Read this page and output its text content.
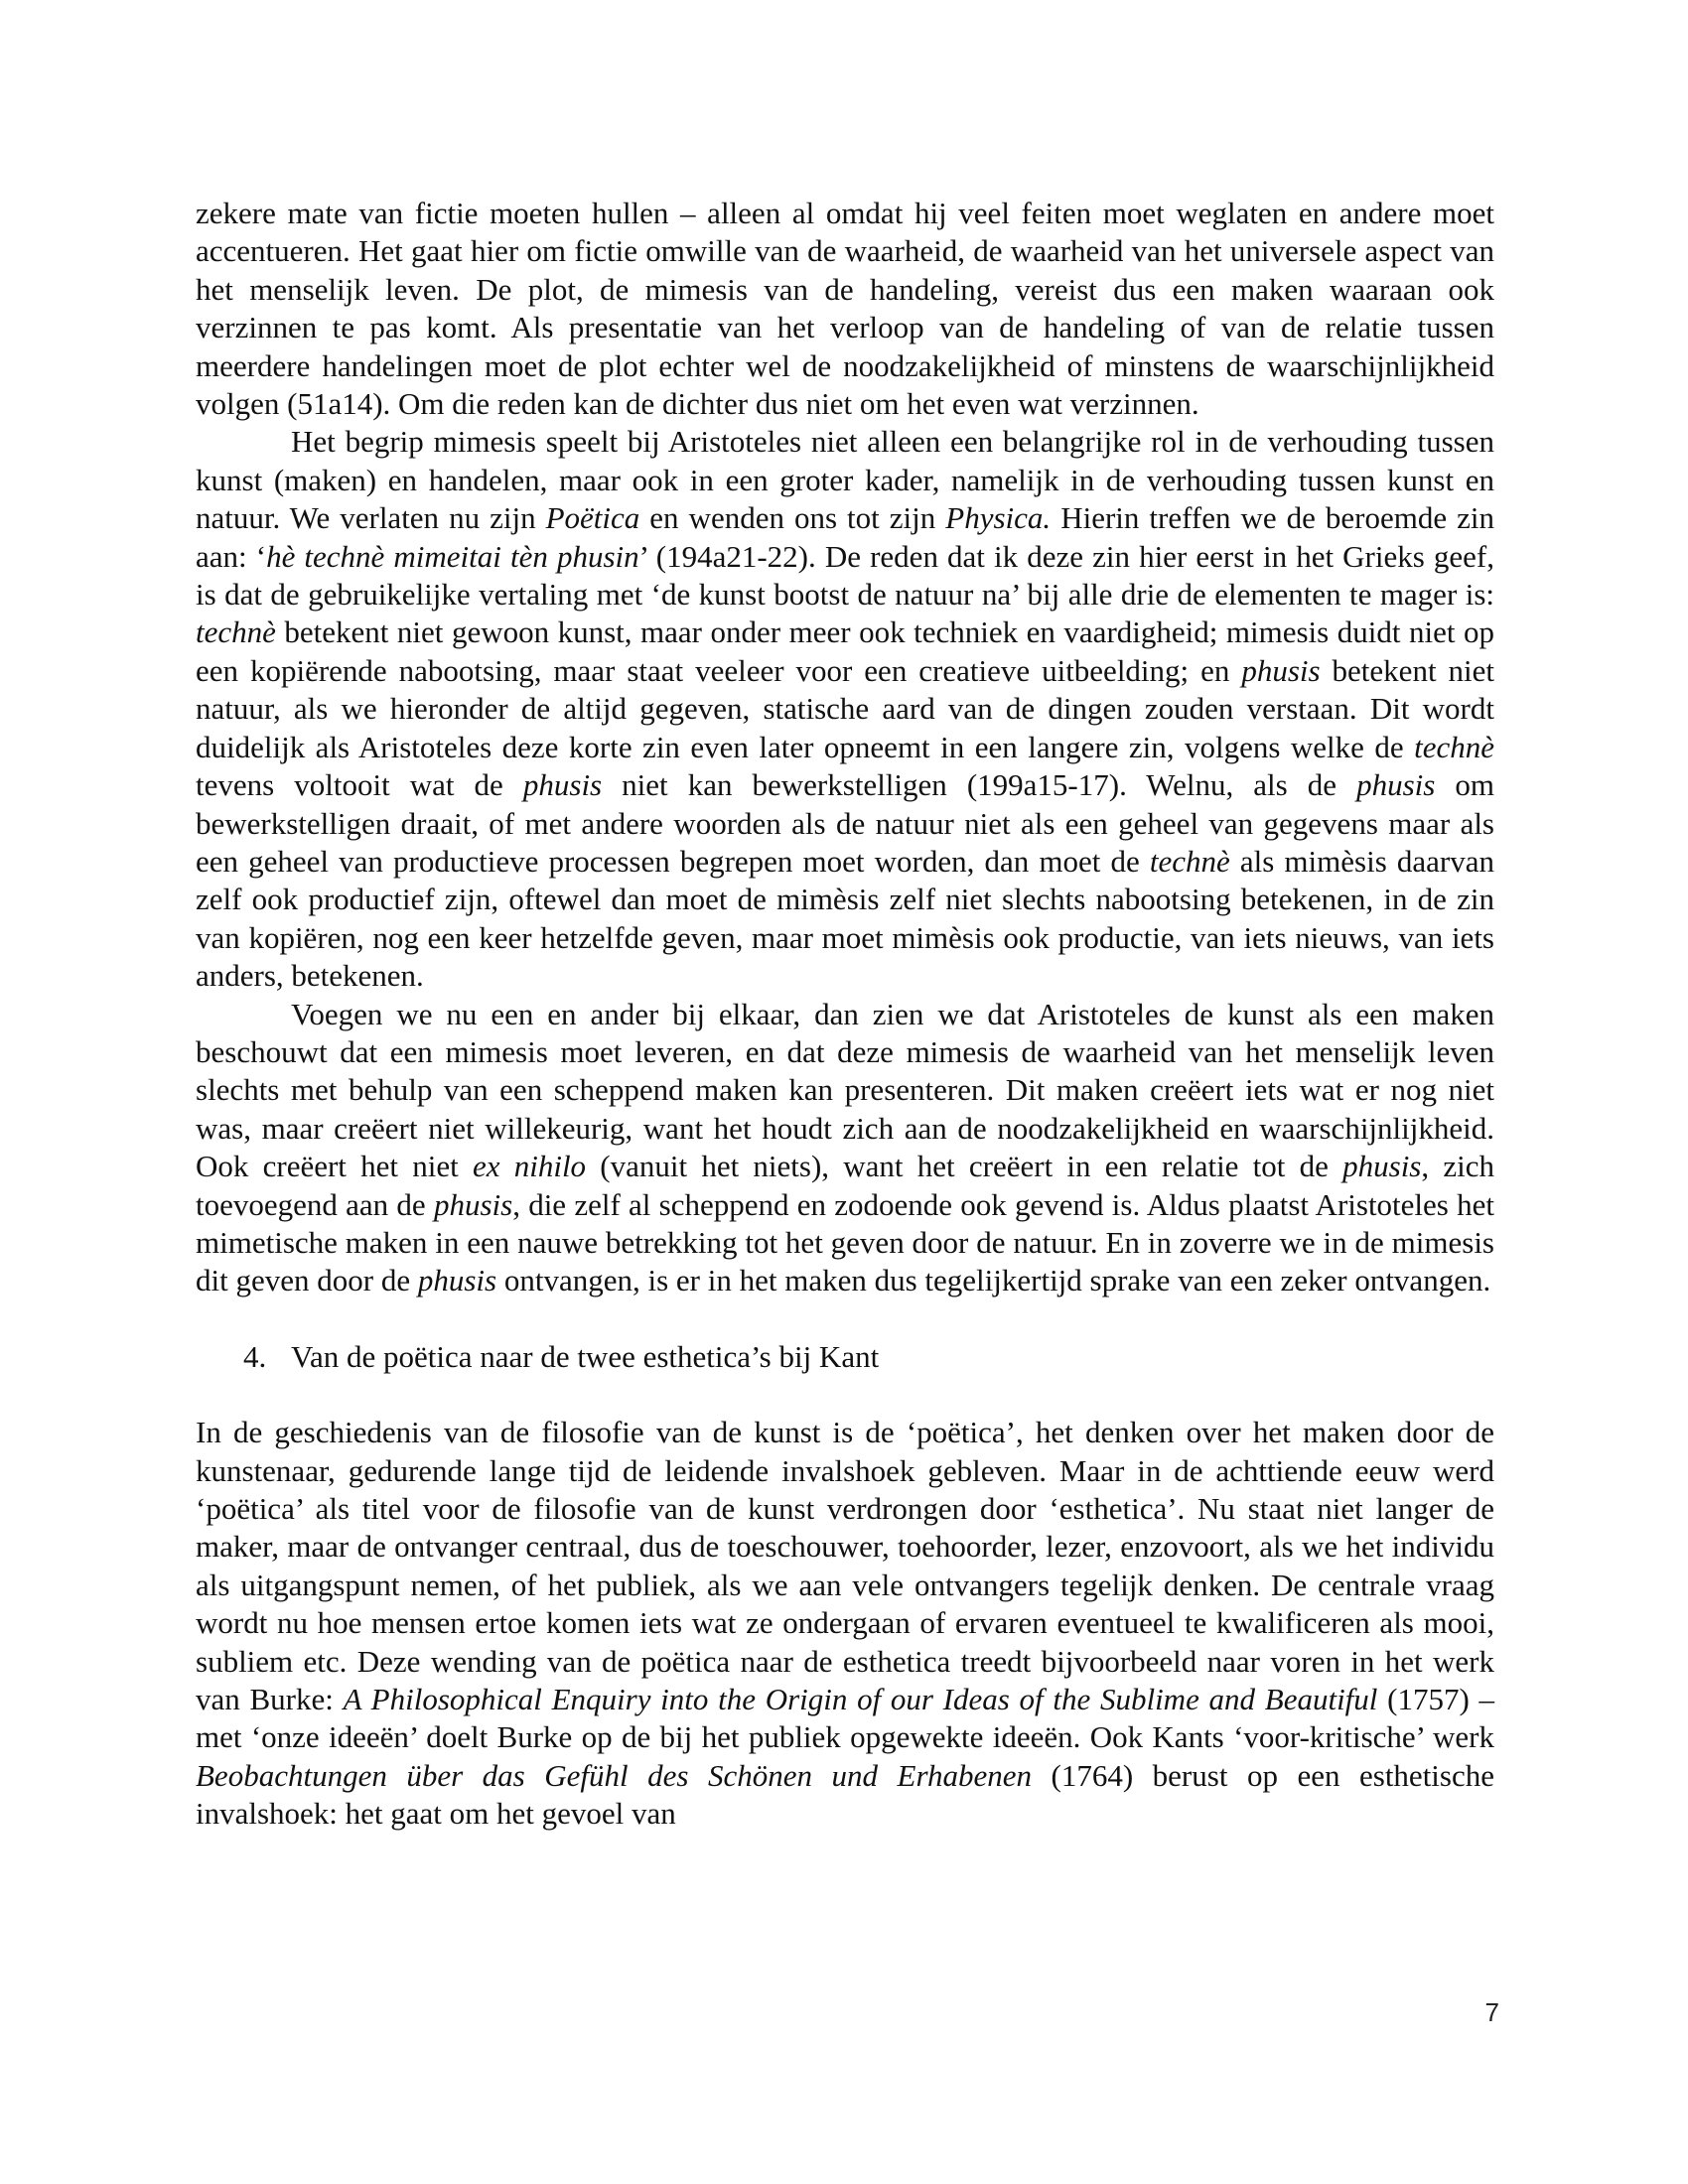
zekere mate van fictie moeten hullen – alleen al omdat hij veel feiten moet weglaten en andere moet accentueren. Het gaat hier om fictie omwille van de waarheid, de waarheid van het universele aspect van het menselijk leven. De plot, de mimesis van de handeling, vereist dus een maken waaraan ook verzinnen te pas komt. Als presentatie van het verloop van de handeling of van de relatie tussen meerdere handelingen moet de plot echter wel de noodzakelijkheid of minstens de waarschijnlijkheid volgen (51a14). Om die reden kan de dichter dus niet om het even wat verzinnen.

Het begrip mimesis speelt bij Aristoteles niet alleen een belangrijke rol in de verhouding tussen kunst (maken) en handelen, maar ook in een groter kader, namelijk in de verhouding tussen kunst en natuur. We verlaten nu zijn Poëtica en wenden ons tot zijn Physica. Hierin treffen we de beroemde zin aan: ‘hè technè mimeitai tèn phusin’ (194a21-22). De reden dat ik deze zin hier eerst in het Grieks geef, is dat de gebruikelijke vertaling met ‘de kunst bootst de natuur na’ bij alle drie de elementen te mager is: technè betekent niet gewoon kunst, maar onder meer ook techniek en vaardigheid; mimesis duidt niet op een kopiërende nabootsing, maar staat veeleer voor een creatieve uitbeelding; en phusis betekent niet natuur, als we hieronder de altijd gegeven, statische aard van de dingen zouden verstaan. Dit wordt duidelijk als Aristoteles deze korte zin even later opneemt in een langere zin, volgens welke de technè tevens voltooit wat de phusis niet kan bewerkstelligen (199a15-17). Welnu, als de phusis om bewerkstelligen draait, of met andere woorden als de natuur niet als een geheel van gegevens maar als een geheel van productieve processen begrepen moet worden, dan moet de technè als mimèsis daarvan zelf ook productief zijn, oftewel dan moet de mimèsis zelf niet slechts nabootsing betekenen, in de zin van kopiëren, nog een keer hetzelfde geven, maar moet mimèsis ook productie, van iets nieuws, van iets anders, betekenen.

Voegen we nu een en ander bij elkaar, dan zien we dat Aristoteles de kunst als een maken beschouwt dat een mimesis moet leveren, en dat deze mimesis de waarheid van het menselijk leven slechts met behulp van een scheppend maken kan presenteren. Dit maken creëert iets wat er nog niet was, maar creëert niet willekeurig, want het houdt zich aan de noodzakelijkheid en waarschijnlijkheid. Ook creëert het niet ex nihilo (vanuit het niets), want het creëert in een relatie tot de phusis, zich toevoegend aan de phusis, die zelf al scheppend en zodoende ook gevend is. Aldus plaatst Aristoteles het mimetische maken in een nauwe betrekking tot het geven door de natuur. En in zoverre we in de mimesis dit geven door de phusis ontvangen, is er in het maken dus tegelijkertijd sprake van een zeker ontvangen.

4. Van de poëtica naar de twee esthetica’s bij Kant

In de geschiedenis van de filosofie van de kunst is de ‘poëtica’, het denken over het maken door de kunstenaar, gedurende lange tijd de leidende invalshoek gebleven. Maar in de achttiende eeuw werd ‘poëtica’ als titel voor de filosofie van de kunst verdrongen door ‘esthetica’. Nu staat niet langer de maker, maar de ontvanger centraal, dus de toeschouwer, toehoorder, lezer, enzovoort, als we het individu als uitgangspunt nemen, of het publiek, als we aan vele ontvangers tegelijk denken. De centrale vraag wordt nu hoe mensen ertoe komen iets wat ze ondergaan of ervaren eventueel te kwalificeren als mooi, subliem etc. Deze wending van de poëtica naar de esthetica treedt bijvoorbeeld naar voren in het werk van Burke: A Philosophical Enquiry into the Origin of our Ideas of the Sublime and Beautiful (1757) – met ‘onze ideeën’ doelt Burke op de bij het publiek opgewekte ideeën. Ook Kants ‘voor-kritische’ werk Beobachtungen über das Gefühl des Schönen und Erhabenen (1764) berust op een esthetische invalshoek: het gaat om het gevoel van

7
